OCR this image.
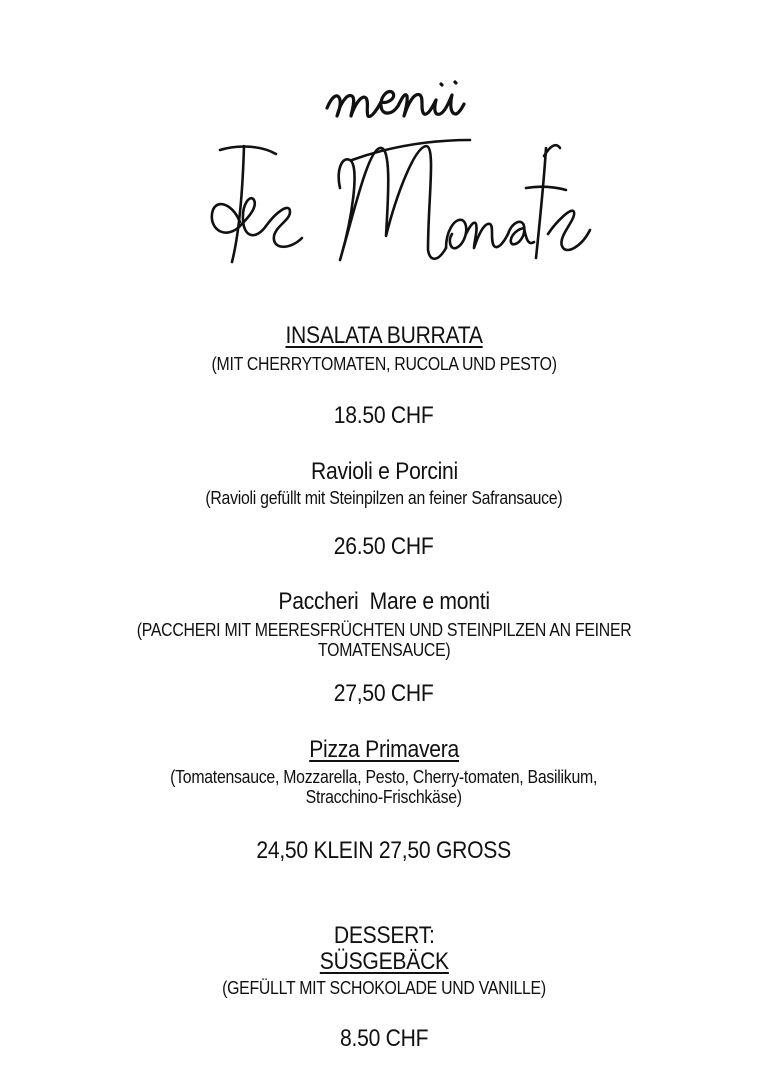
INSALATA BURRATA
(MIT CHERRYTOMATEN, RUCOLA UND PESTO)
18.50 CHF
Ravioli e Porcini
(Ravioli gefüllt mit Steinpilzen an feiner Safransauce)
26.50 CHF
Paccheri  Mare e monti
(PACCHERI MIT MEERESFRÜCHTEN UND STEINPILZEN AN FEINER
TOMATENSAUCE)
27,50 CHF
Pizza Primavera
(Tomatensauce, Mozzarella, Pesto, Cherry-tomaten, Basilikum,
Stracchino-Frischkäse)
24,50 KLEIN 27,50 GROSS
DESSERT:
SÜSGEBÄCK
(GEFÜLLT MIT SCHOKOLADE UND VANILLE)
8.50 CHF
